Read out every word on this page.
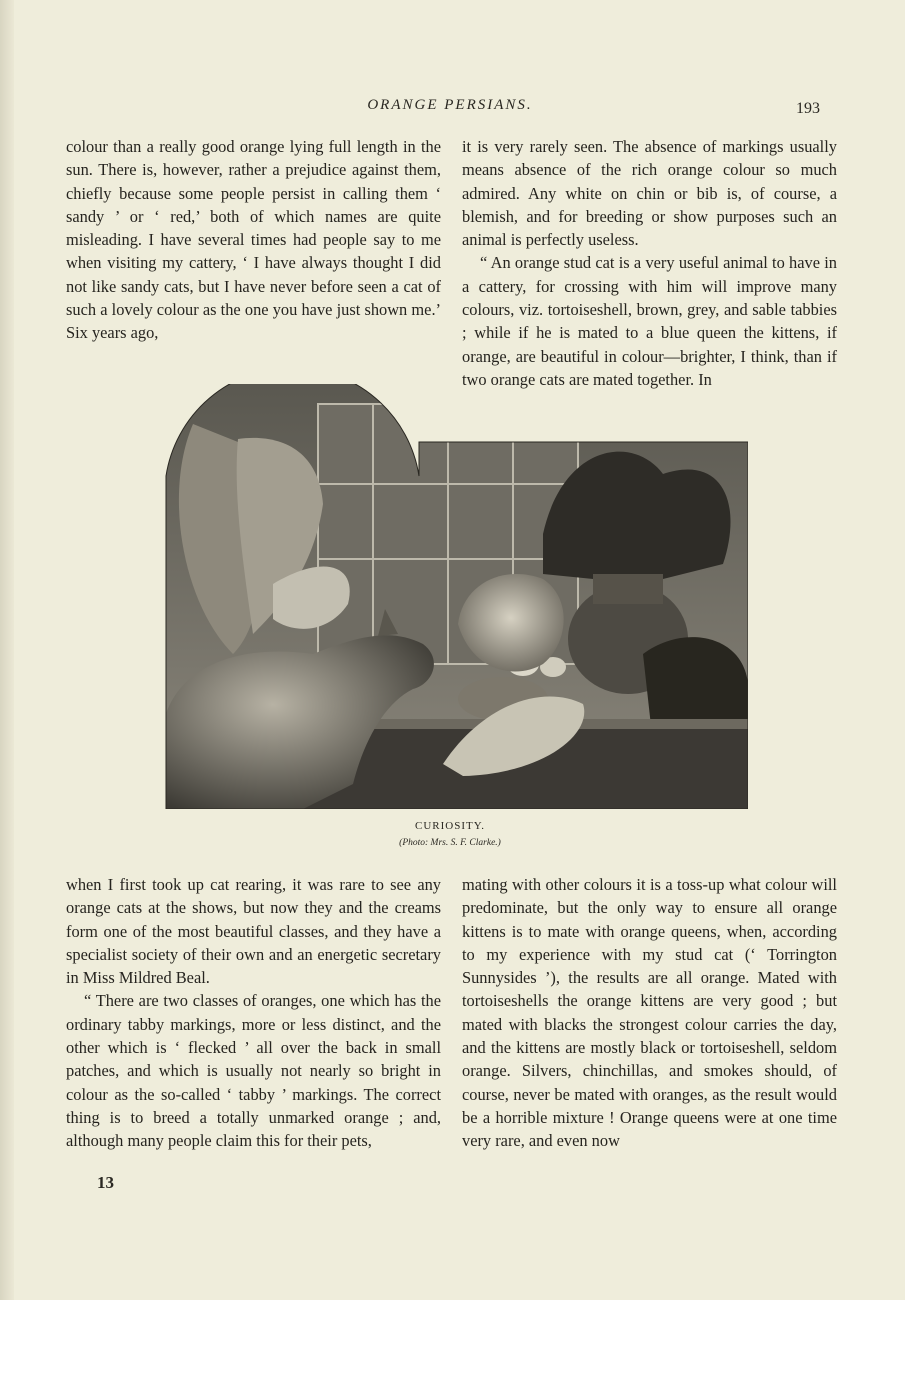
ORANGE PERSIANS.	193

colour than a really good orange lying full length in the sun. There is, however, rather a prejudice against them, chiefly because some people persist in calling them ‘ sandy ’ or ‘ red,’ both of which names are quite misleading. I have several times had people say to me when visiting my cattery, ‘ I have always thought I did not like sandy cats, but I have never before seen a cat of such a lovely colour as the one you have just shown me.’ Six years ago,

it is very rarely seen. The absence of markings usually means absence of the rich orange colour so much admired. Any white on chin or bib is, of course, a blemish, and for breeding or show purposes such an animal is perfectly useless.

“ An orange stud cat is a very useful animal to have in a cattery, for crossing with him will improve many colours, viz. tortoiseshell, brown, grey, and sable tabbies ; while if he is mated to a blue queen the kittens, if orange, are beautiful in colour—brighter, I think, than if two orange cats are mated together. In

CURIOSITY.
(Photo: Mrs. S. F. Clarke.)

when I first took up cat rearing, it was rare to see any orange cats at the shows, but now they and the creams form one of the most beautiful classes, and they have a specialist society of their own and an energetic secretary in Miss Mildred Beal.

“ There are two classes of oranges, one which has the ordinary tabby markings, more or less distinct, and the other which is ‘ flecked ’ all over the back in small patches, and which is usually not nearly so bright in colour as the so-called ‘ tabby ’ markings. The correct thing is to breed a totally unmarked orange ; and, although many people claim this for their pets,

mating with other colours it is a toss-up what colour will predominate, but the only way to ensure all orange kittens is to mate with orange queens, when, according to my experience with my stud cat (‘ Torrington Sunnysides ’), the results are all orange. Mated with tortoiseshells the orange kittens are very good ; but mated with blacks the strongest colour carries the day, and the kittens are mostly black or tortoiseshell, seldom orange. Silvers, chinchillas, and smokes should, of course, never be mated with oranges, as the result would be a horrible mixture ! Orange queens were at one time very rare, and even now

13
